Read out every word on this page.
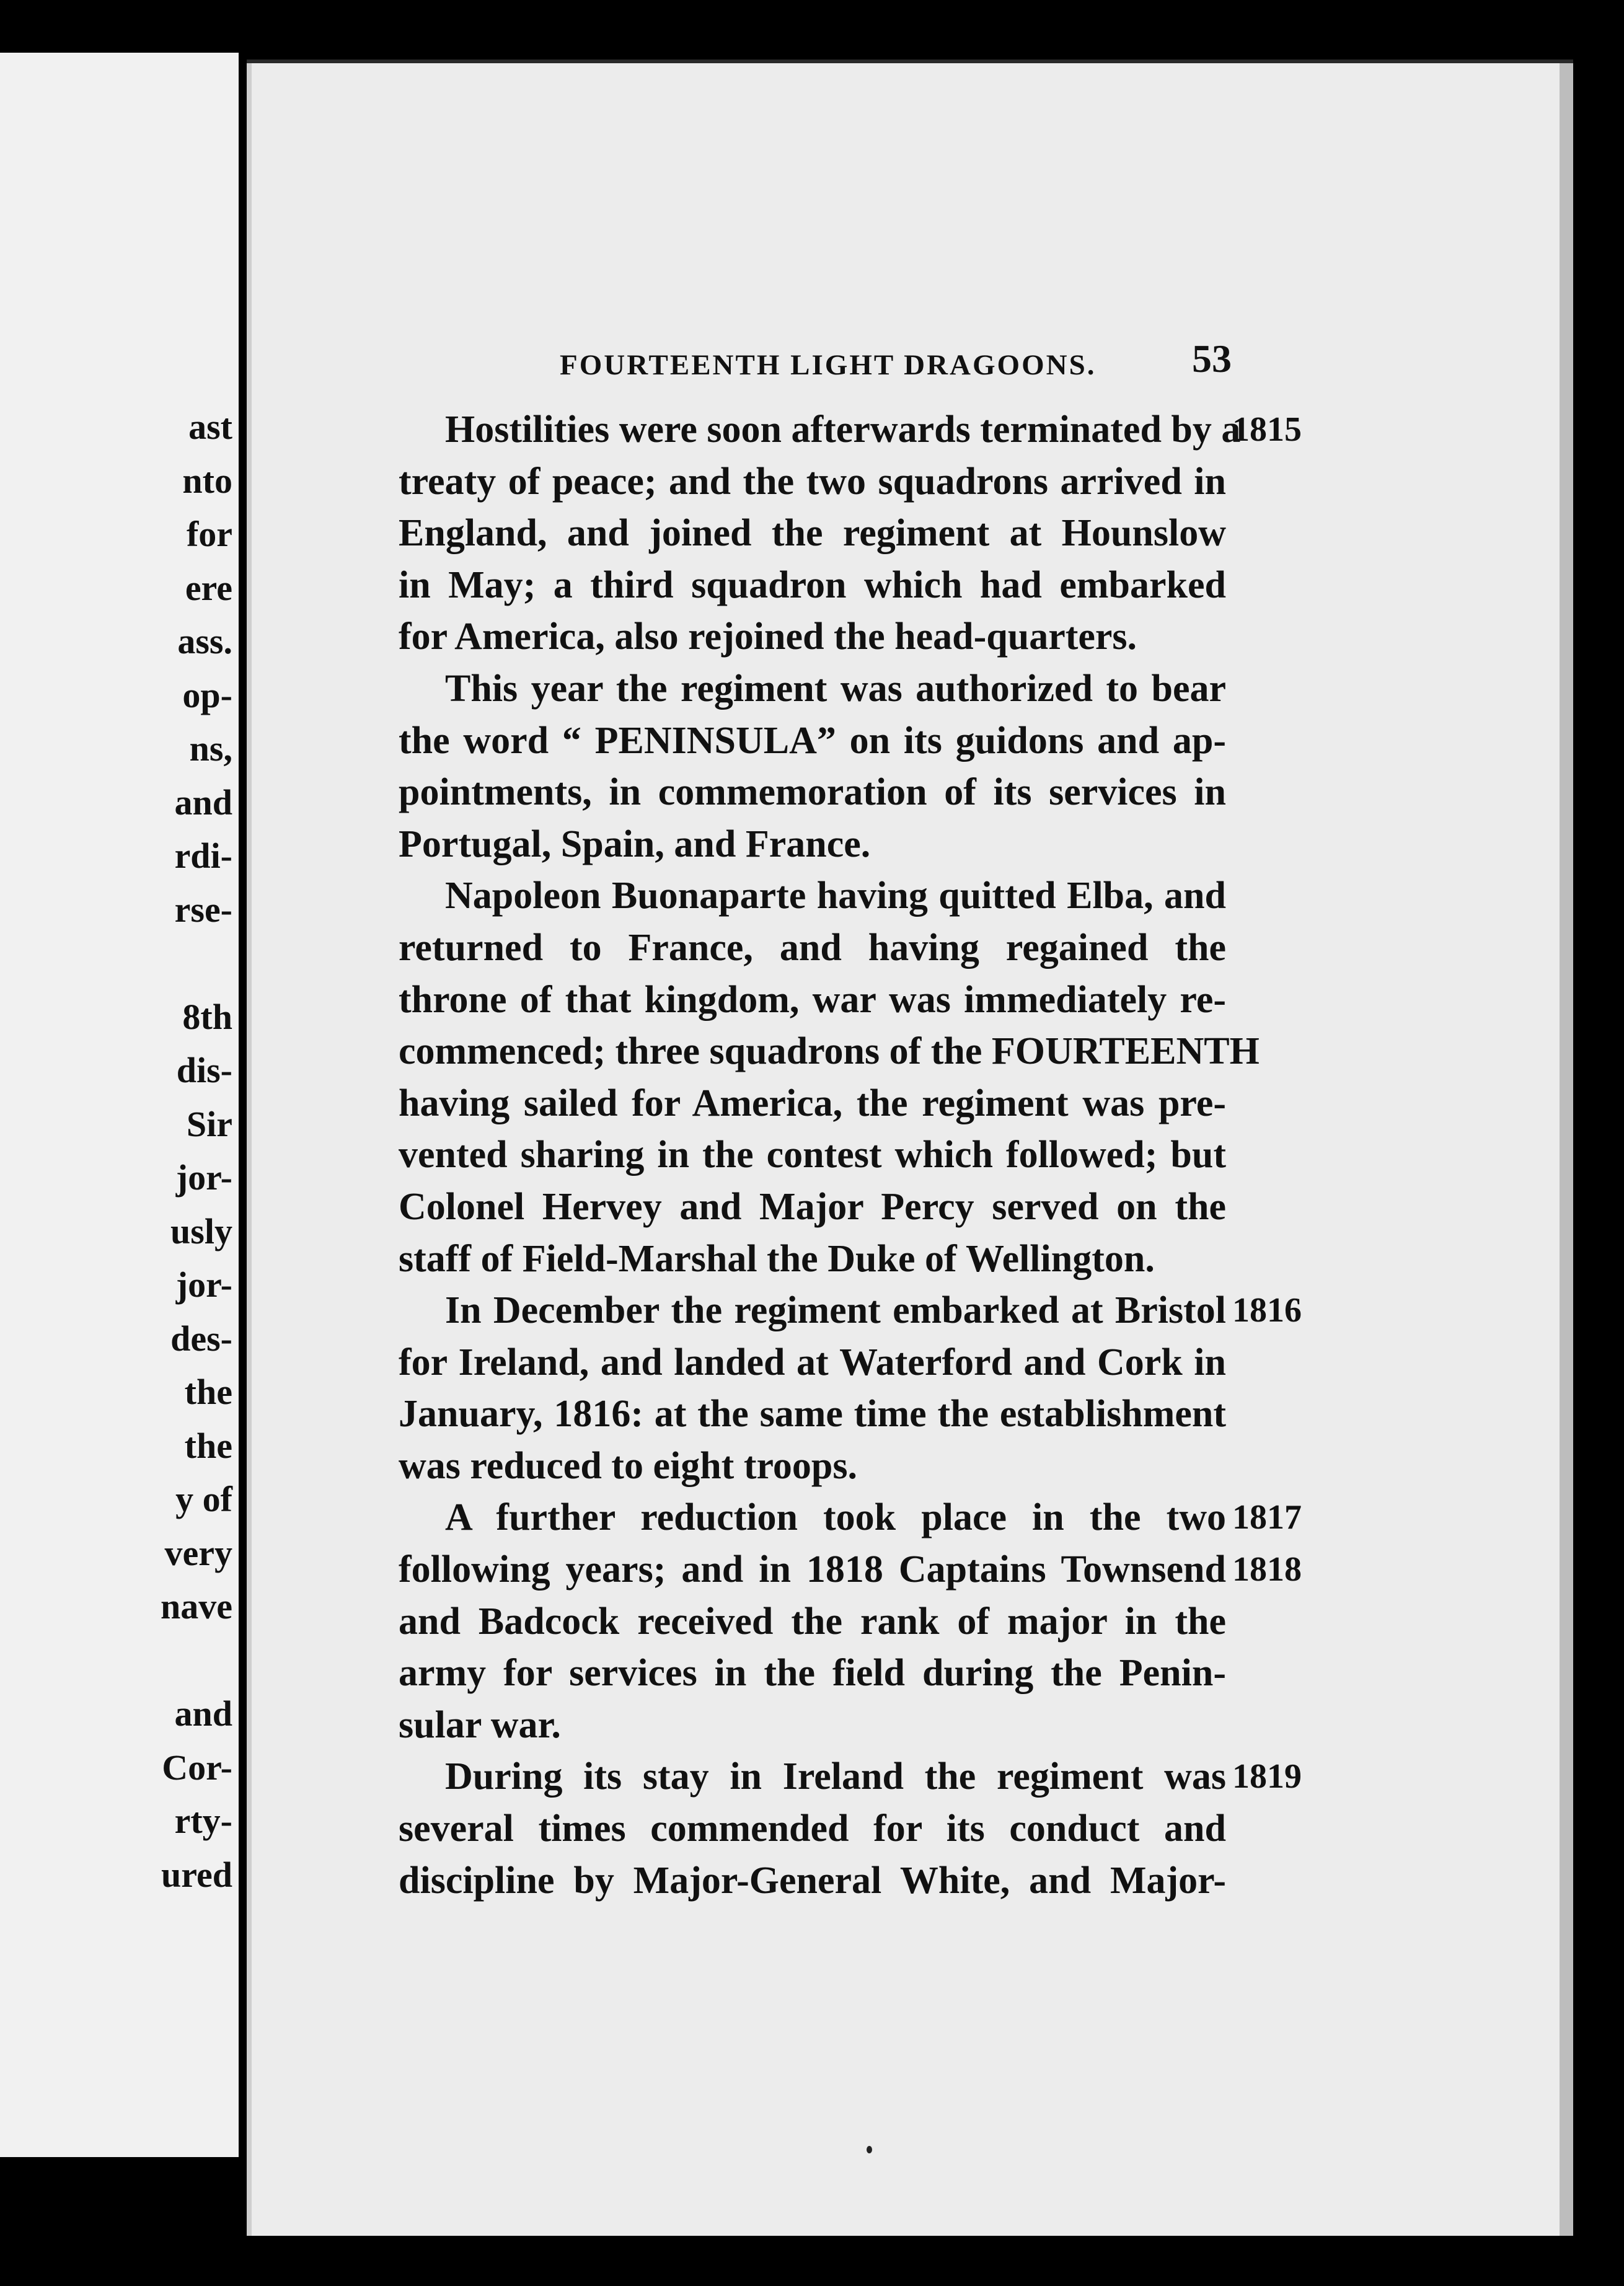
ast
nto
for
ere
ass.
op-
ns,
and
rdi-
rse-
8th
dis-
Sir
jor-
usly
jor-
des-
the
the
y of
very
nave
and
Cor-
rty-
ured
FOURTEENTH LIGHT DRAGOONS. 53
Hostilities were soon afterwards terminated by a
1815
treaty of peace; and the two squadrons arrived in
England, and joined the regiment at Hounslow
in May; a third squadron which had embarked
for America, also rejoined the head-quarters.
This year the regiment was authorized to bear
the word “ PENINSULA” on its guidons and ap-
pointments, in commemoration of its services in
Portugal, Spain, and France.
Napoleon Buonaparte having quitted Elba, and
returned to France, and having regained the
throne of that kingdom, war was immediately re-
commenced; three squadrons of the FOURTEENTH
having sailed for America, the regiment was pre-
vented sharing in the contest which followed; but
Colonel Hervey and Major Percy served on the
staff of Field-Marshal the Duke of Wellington.
In December the regiment embarked at Bristol 1816
for Ireland, and landed at Waterford and Cork in
January, 1816: at the same time the establishment
was reduced to eight troops.
A further reduction took place in the two 1817
following years; and in 1818 Captains Townsend 1818
and Badcock received the rank of major in the
army for services in the field during the Penin-
sular war.
During its stay in Ireland the regiment was 1819
several times commended for its conduct and
discipline by Major-General White, and Major-
